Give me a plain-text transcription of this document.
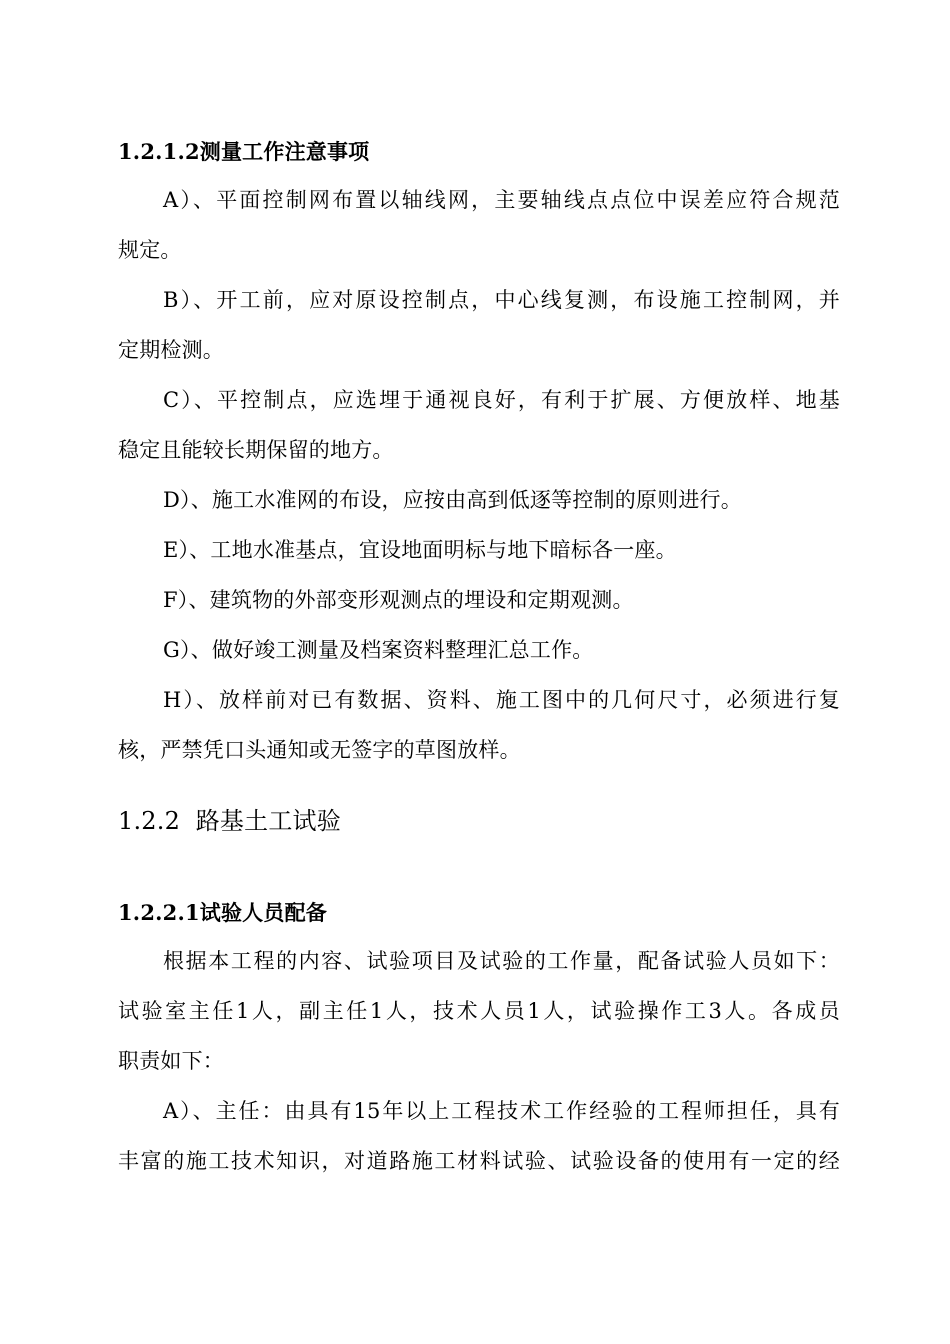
1.2.1.2测量工作注意事项
A）、平面控制网布置以轴线网，主要轴线点点位中误差应符合规范
规定。
B）、开工前，应对原设控制点，中心线复测，布设施工控制网，并
定期检测。
C）、平控制点，应选埋于通视良好，有利于扩展、方便放样、地基
稳定且能较长期保留的地方。
D）、施工水准网的布设，应按由高到低逐等控制的原则进行。
E）、工地水准基点，宜设地面明标与地下暗标各一座。
F）、建筑物的外部变形观测点的埋设和定期观测。
G）、做好竣工测量及档案资料整理汇总工作。
H）、放样前对已有数据、资料、施工图中的几何尺寸，必须进行复
核，严禁凭口头通知或无签字的草图放样。
1.2.2  路基土工试验
1.2.2.1试验人员配备
根据本工程的内容、试验项目及试验的工作量，配备试验人员如下：
试验室主任1人，副主任1人，技术人员1人，试验操作工3人。各成员
职责如下：
A）、主任：由具有15年以上工程技术工作经验的工程师担任，具有
丰富的施工技术知识，对道路施工材料试验、试验设备的使用有一定的经
